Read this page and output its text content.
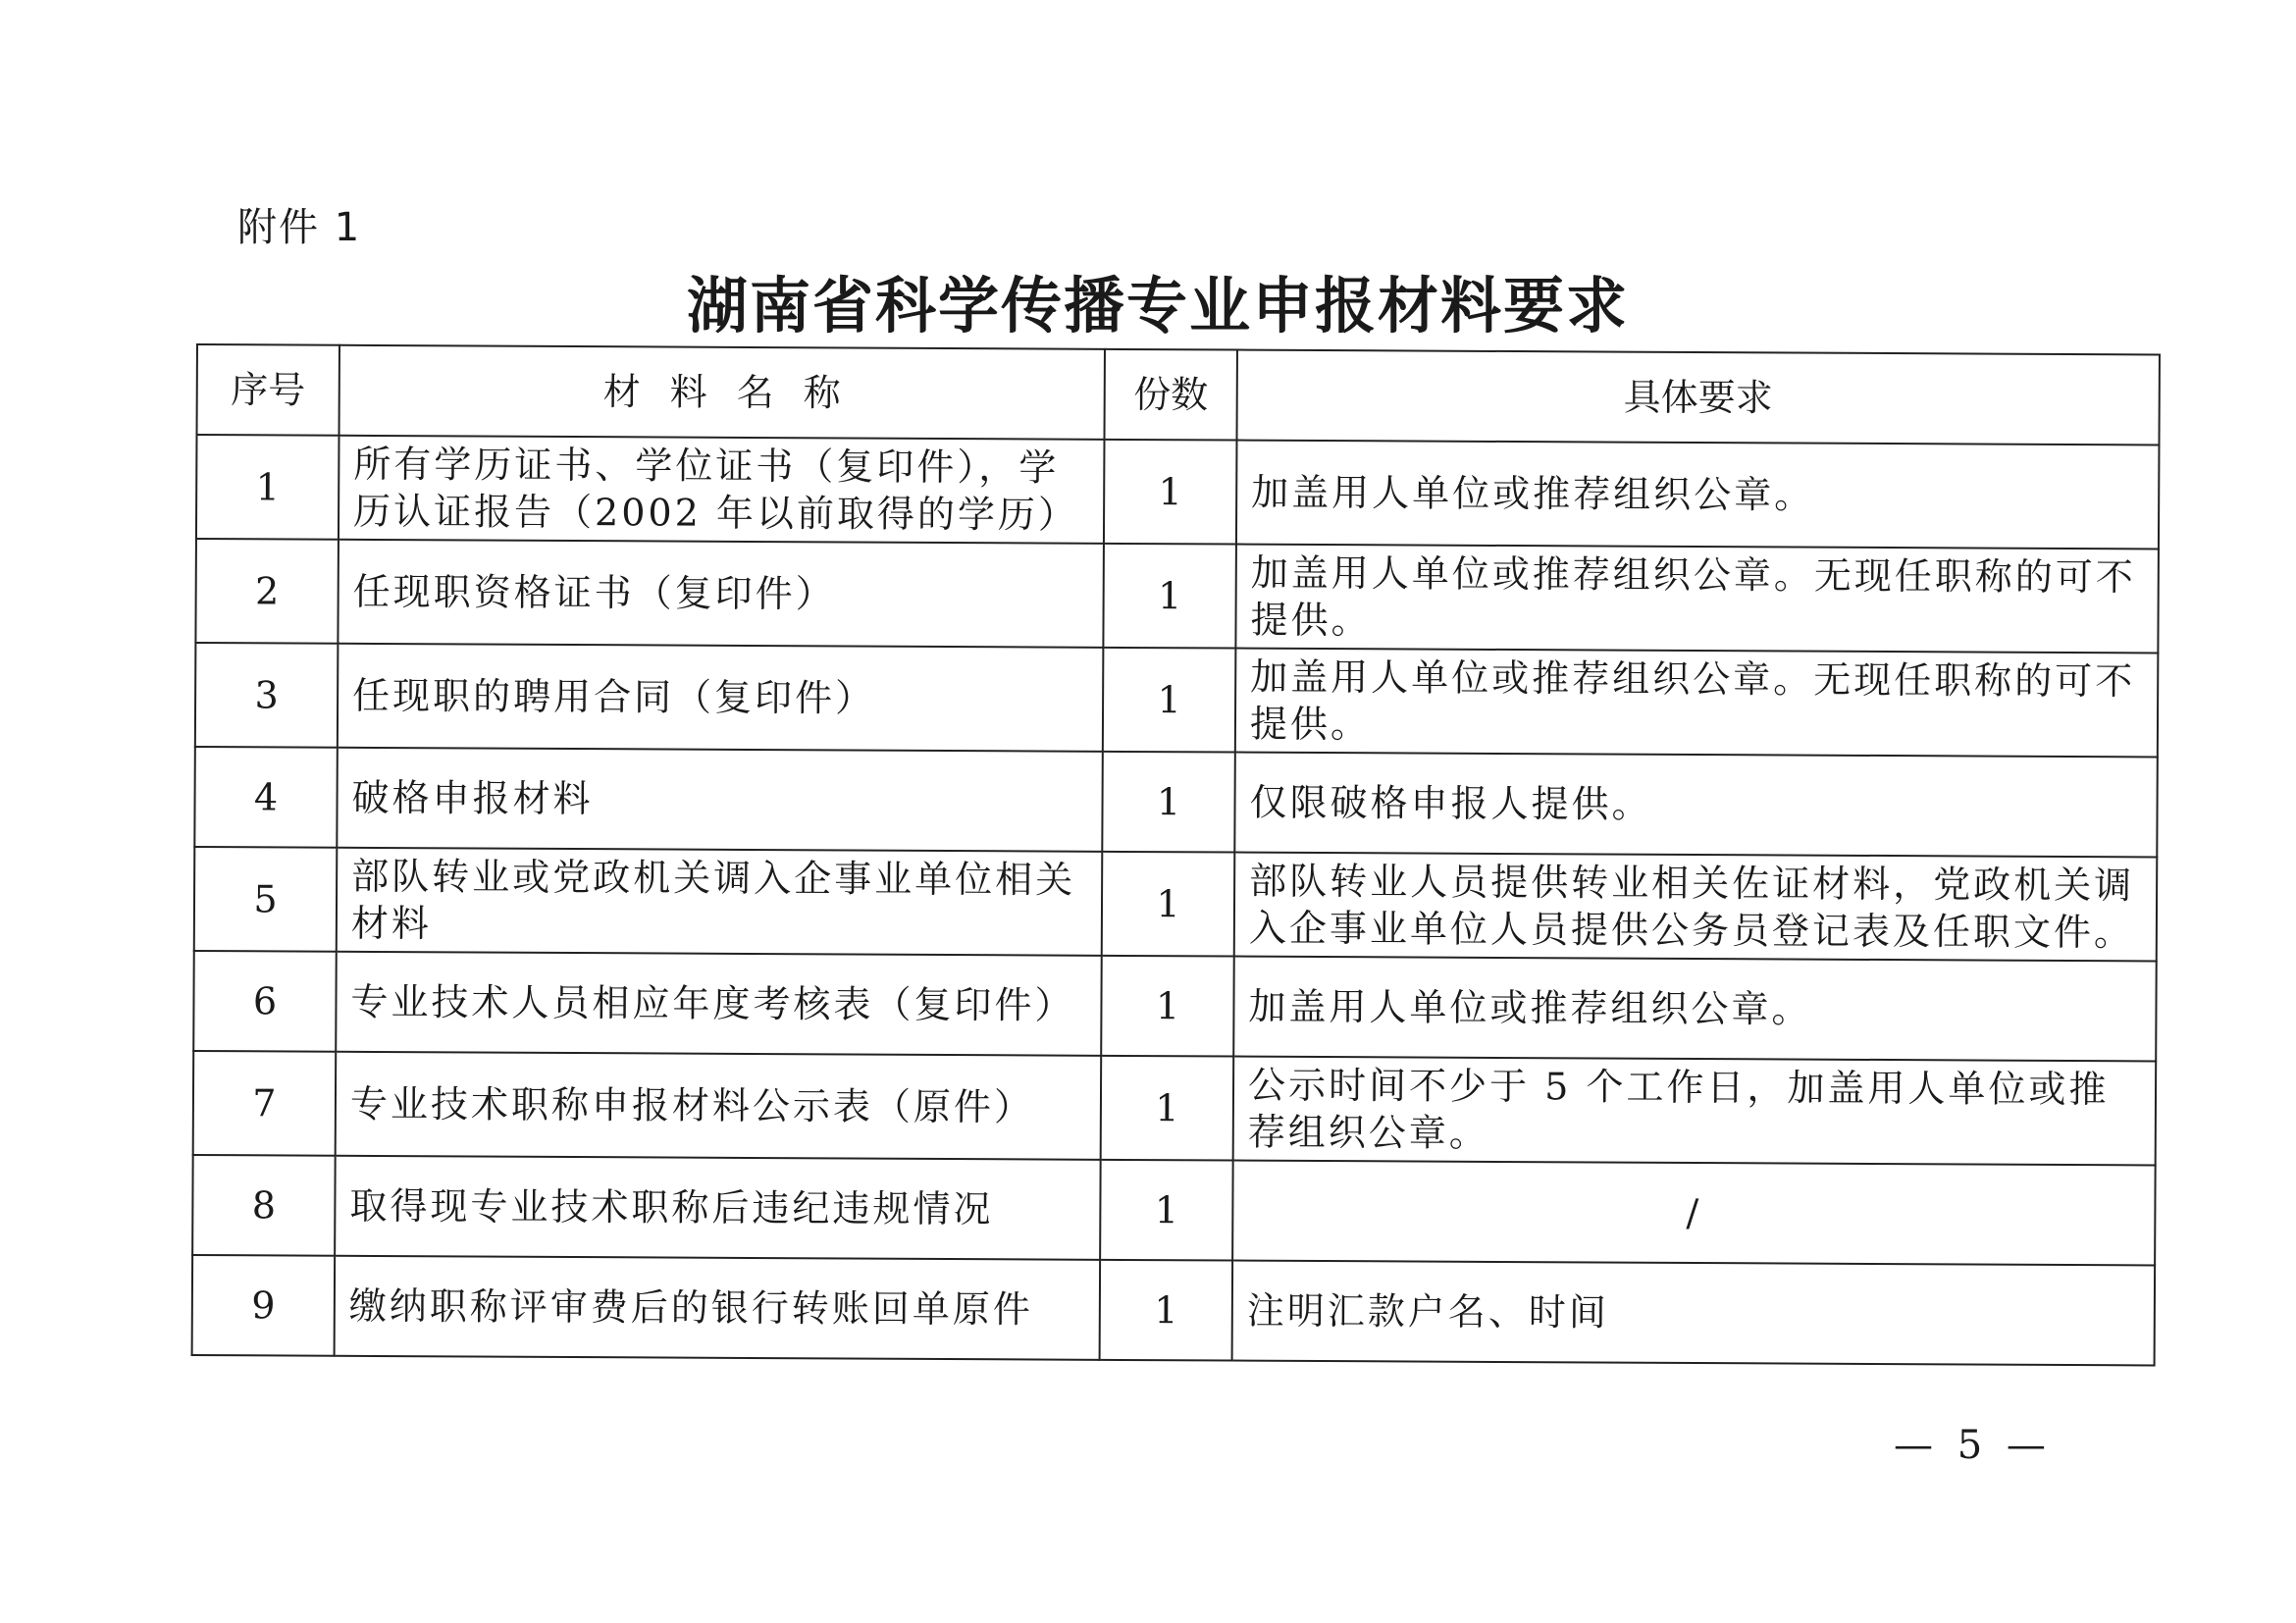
附件 1
湖南省科学传播专业申报材料要求
序号	材料名称	份数	具体要求
1	所有学历证书、学位证书（复印件），学历认证报告（2002 年以前取得的学历）	1	加盖用人单位或推荐组织公章。
2	任现职资格证书（复印件）	1	加盖用人单位或推荐组织公章。无现任职称的可不提供。
3	任现职的聘用合同（复印件）	1	加盖用人单位或推荐组织公章。无现任职称的可不提供。
4	破格申报材料	1	仅限破格申报人提供。
5	部队转业或党政机关调入企事业单位相关材料	1	部队转业人员提供转业相关佐证材料，党政机关调入企事业单位人员提供公务员登记表及任职文件。
6	专业技术人员相应年度考核表（复印件）	1	加盖用人单位或推荐组织公章。
7	专业技术职称申报材料公示表（原件）	1	公示时间不少于 5 个工作日，加盖用人单位或推荐组织公章。
8	取得现专业技术职称后违纪违规情况	1	/
9	缴纳职称评审费后的银行转账回单原件	1	注明汇款户名、时间
— 5 —
